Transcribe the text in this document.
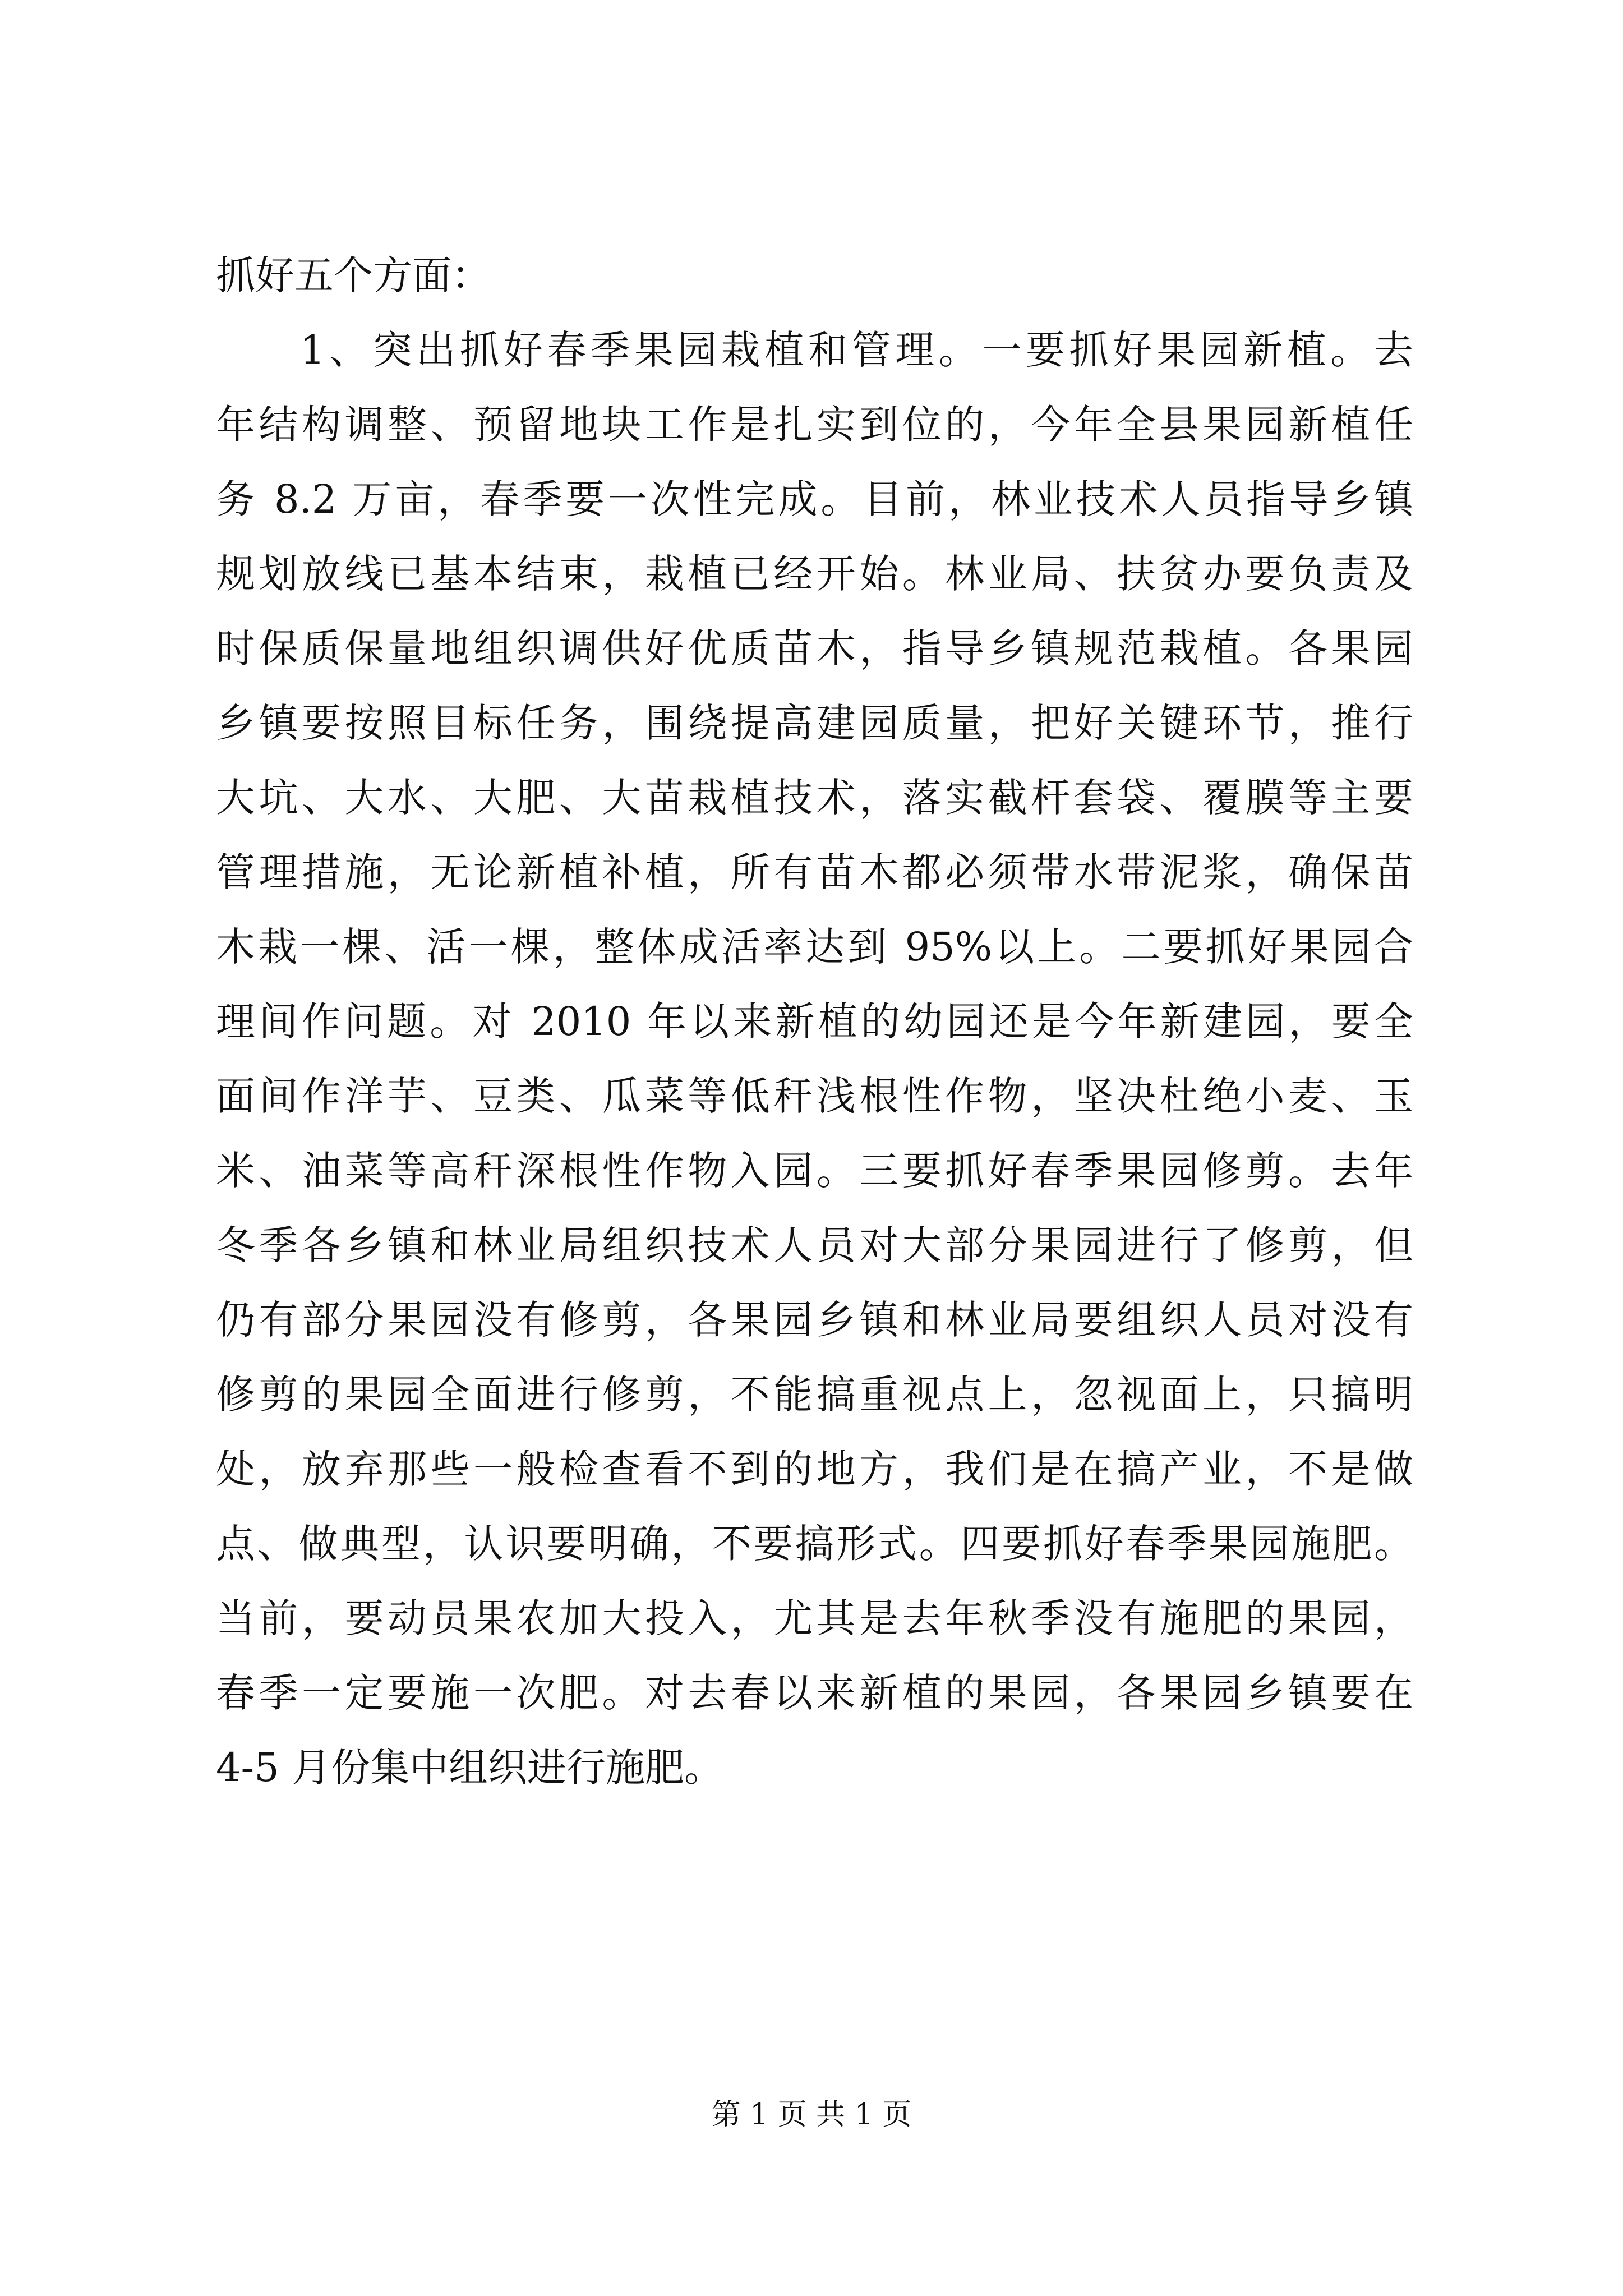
抓好五个方面：
1、突出抓好春季果园栽植和管理。一要抓好果园新植。去
年结构调整、预留地块工作是扎实到位的，今年全县果园新植任
务 8.2 万亩，春季要一次性完成。目前，林业技术人员指导乡镇
规划放线已基本结束，栽植已经开始。林业局、扶贫办要负责及
时保质保量地组织调供好优质苗木，指导乡镇规范栽植。各果园
乡镇要按照目标任务，围绕提高建园质量，把好关键环节，推行
大坑、大水、大肥、大苗栽植技术，落实截杆套袋、覆膜等主要
管理措施，无论新植补植，所有苗木都必须带水带泥浆，确保苗
木栽一棵、活一棵，整体成活率达到 95%以上。二要抓好果园合
理间作问题。对 2010 年以来新植的幼园还是今年新建园，要全
面间作洋芋、豆类、瓜菜等低秆浅根性作物，坚决杜绝小麦、玉
米、油菜等高秆深根性作物入园。三要抓好春季果园修剪。去年
冬季各乡镇和林业局组织技术人员对大部分果园进行了修剪，但
仍有部分果园没有修剪，各果园乡镇和林业局要组织人员对没有
修剪的果园全面进行修剪，不能搞重视点上，忽视面上，只搞明
处，放弃那些一般检查看不到的地方，我们是在搞产业，不是做
点、做典型，认识要明确，不要搞形式。四要抓好春季果园施肥。
当前，要动员果农加大投入，尤其是去年秋季没有施肥的果园，
春季一定要施一次肥。对去春以来新植的果园，各果园乡镇要在
4-5 月份集中组织进行施肥。
第 1 页 共 1 页
